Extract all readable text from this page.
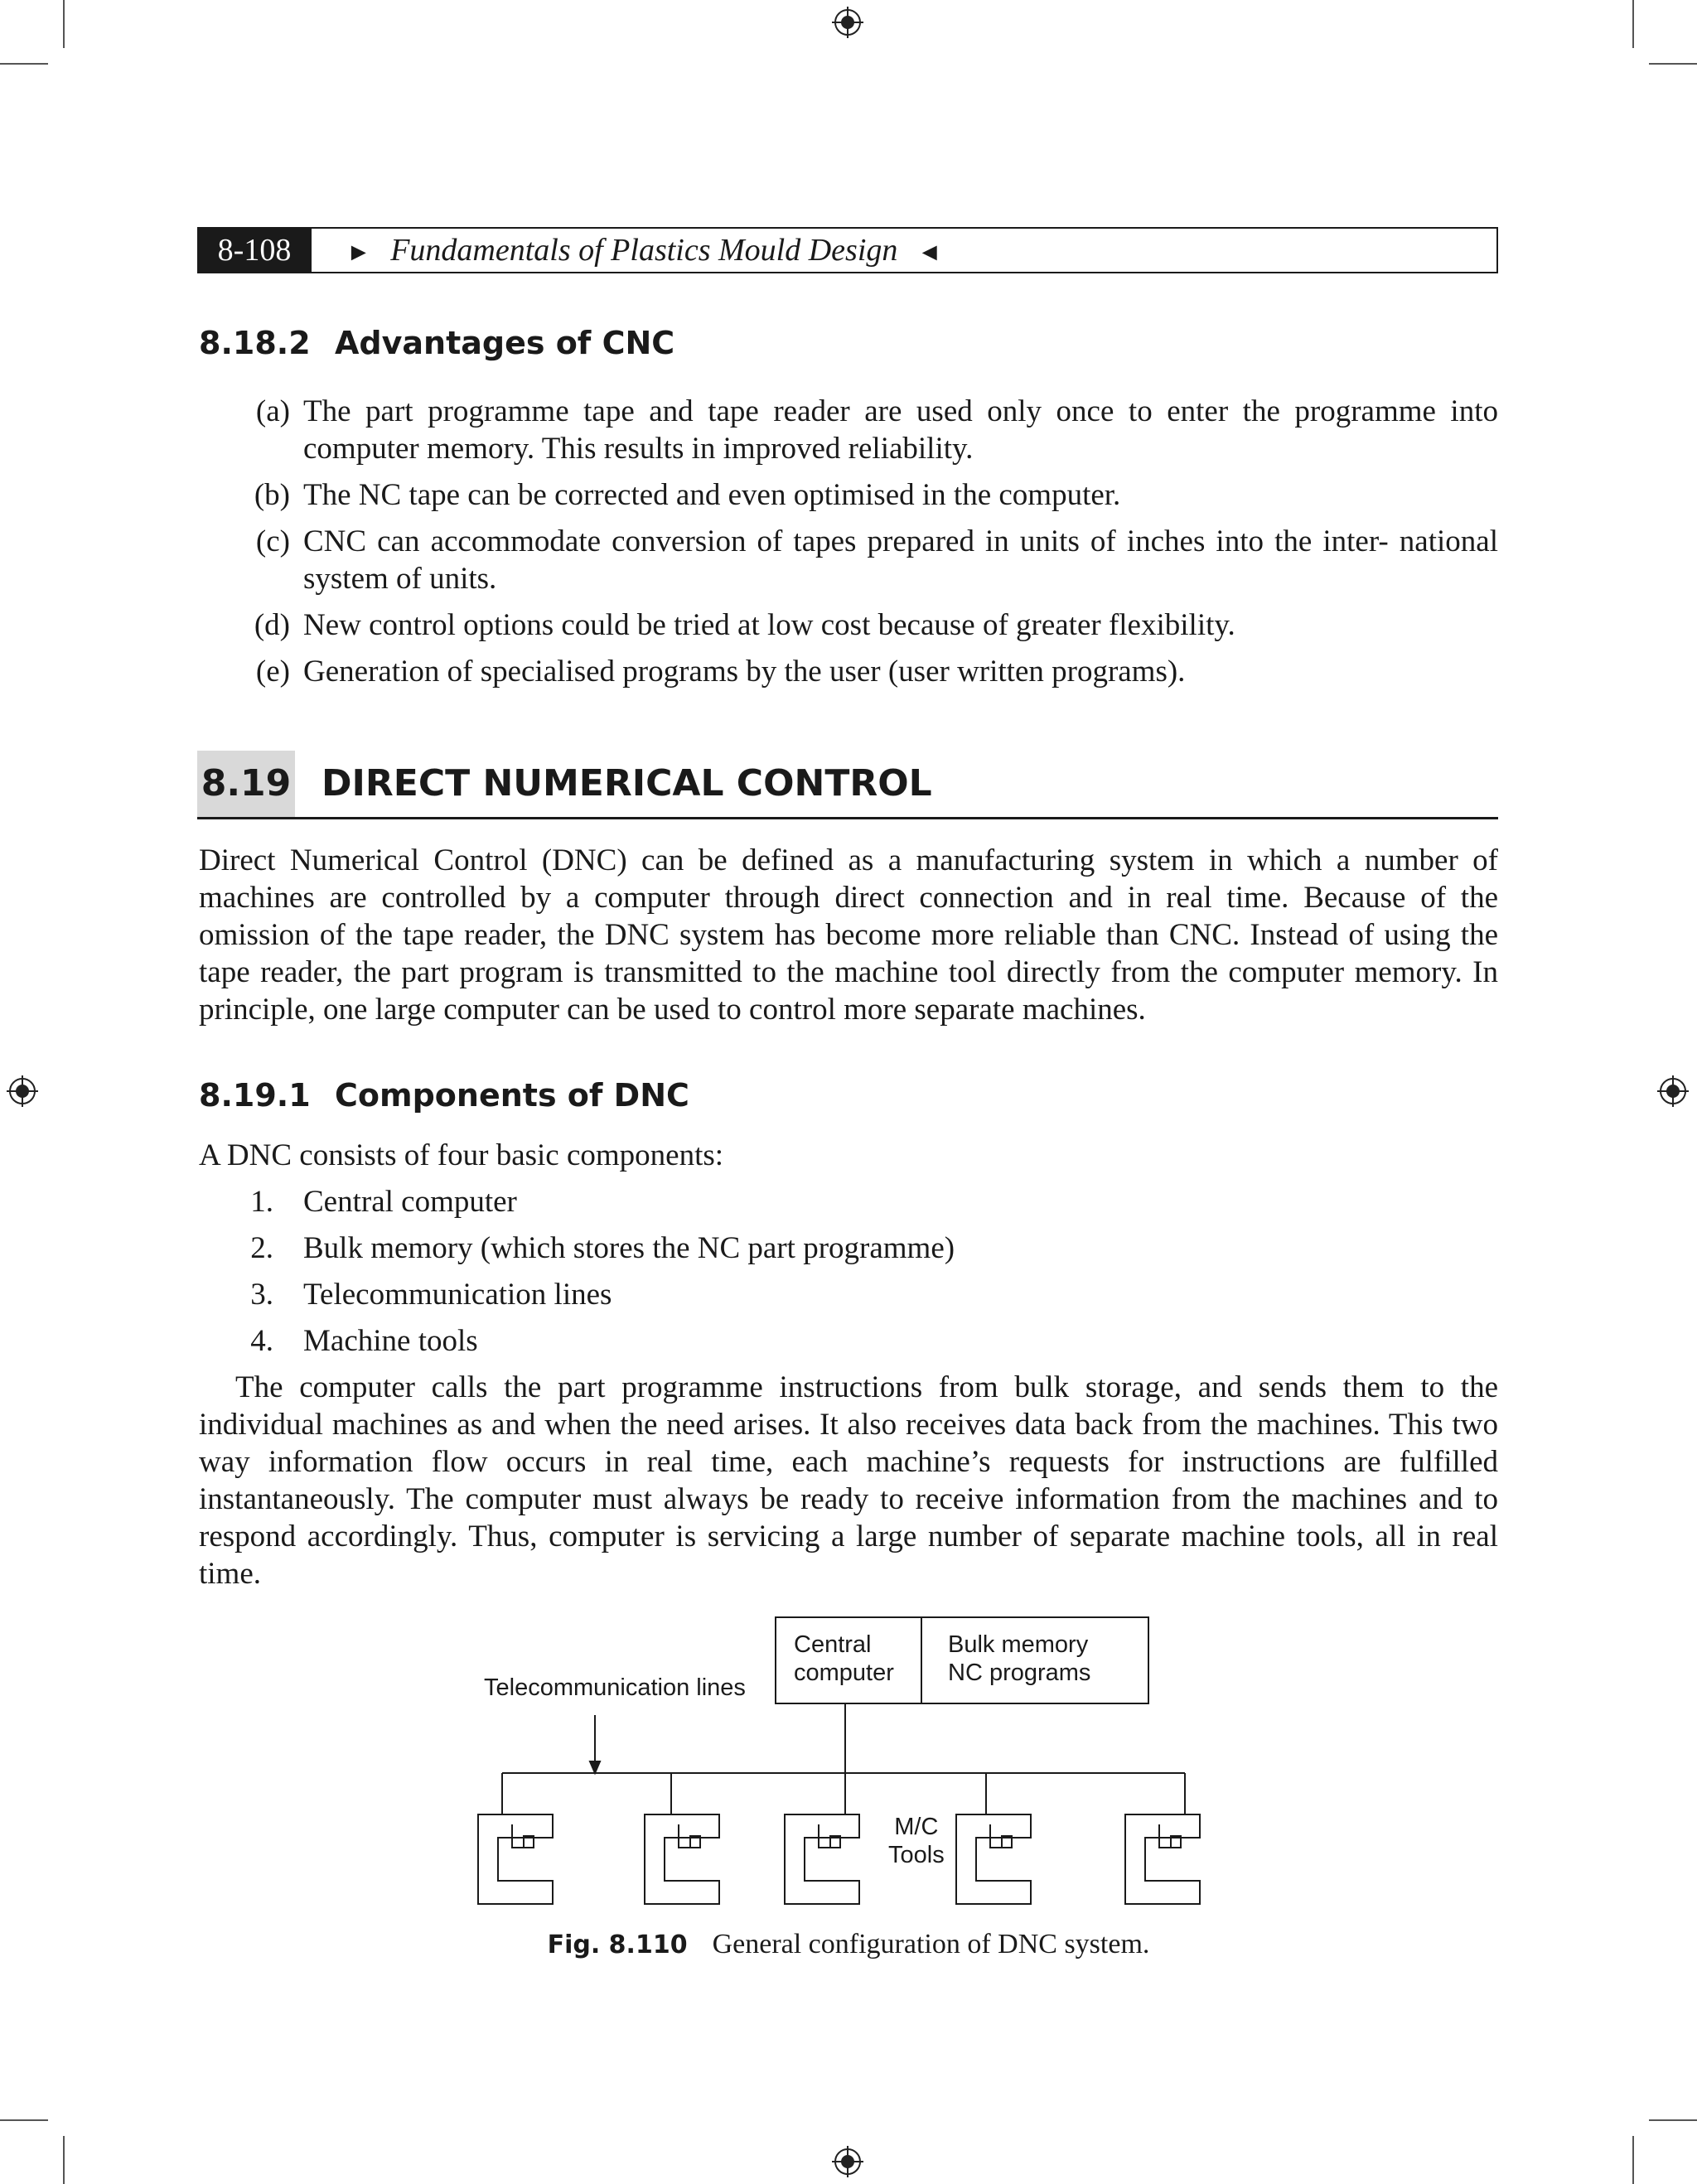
8-108	► Fundamentals of Plastics Mould Design ◄
8.18.2 Advantages of CNC
(a) The part programme tape and tape reader are used only once to enter the programme into computer memory. This results in improved reliability.
(b) The NC tape can be corrected and even optimised in the computer.
(c) CNC can accommodate conversion of tapes prepared in units of inches into the inter- national system of units.
(d) New control options could be tried at low cost because of greater flexibility.
(e) Generation of specialised programs by the user (user written programs).
8.19 DIRECT NUMERICAL CONTROL
Direct Numerical Control (DNC) can be defined as a manufacturing system in which a number of machines are controlled by a computer through direct connection and in real time. Because of the omission of the tape reader, the DNC system has become more reliable than CNC. Instead of using the tape reader, the part program is transmitted to the machine tool directly from the computer memory. In principle, one large computer can be used to control more separate machines.
8.19.1 Components of DNC
A DNC consists of four basic components:
1. Central computer
2. Bulk memory (which stores the NC part programme)
3. Telecommunication lines
4. Machine tools
The computer calls the part programme instructions from bulk storage, and sends them to the individual machines as and when the need arises. It also receives data back from the machines. This two way information flow occurs in real time, each machine’s requests for instructions are fulfilled instantaneously. The computer must always be ready to receive information from the machines and to respond accordingly. Thus, computer is servicing a large number of separate machine tools, all in real time.
Central
computer
Bulk memory
NC programs
Telecommunication lines
M/C
Tools
Fig. 8.110 General configuration of DNC system.
